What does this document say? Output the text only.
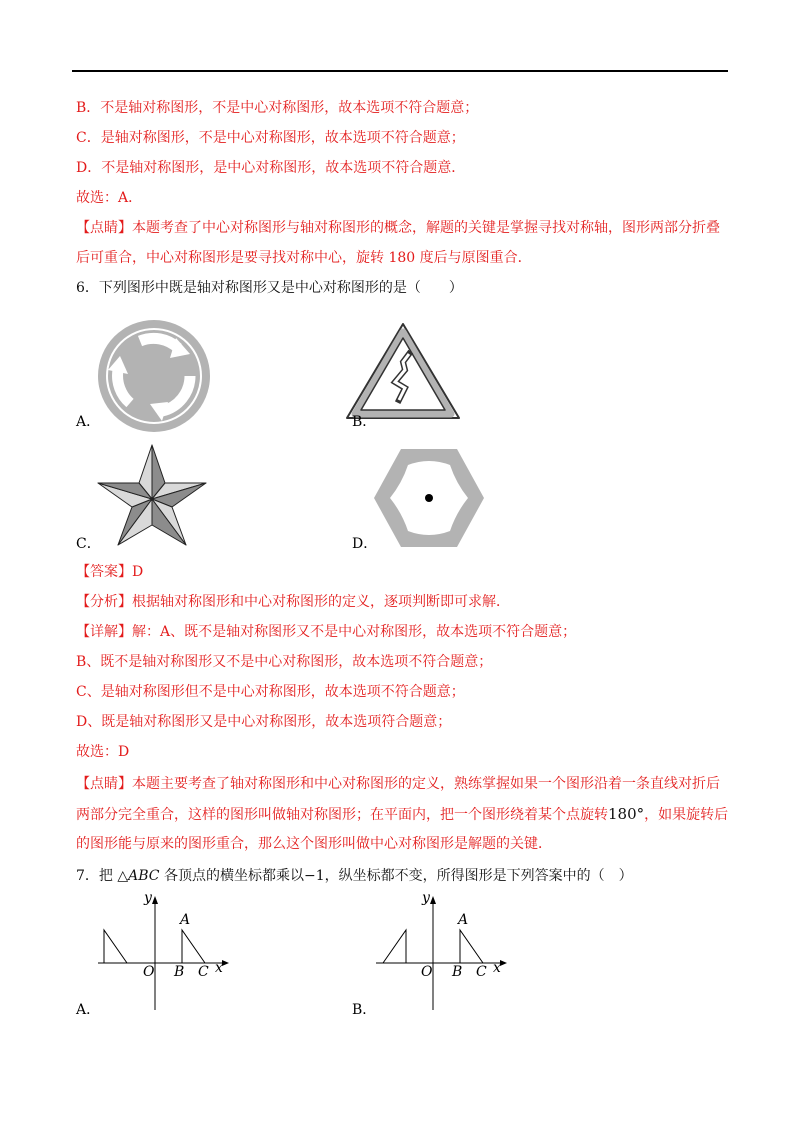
B．不是轴对称图形，不是中心对称图形，故本选项不符合题意；
C．是轴对称图形，不是中心对称图形，故本选项不符合题意；
D．不是轴对称图形，是中心对称图形，故本选项不符合题意．
故选：A．
【点睛】本题考查了中心对称图形与轴对称图形的概念，解题的关键是掌握寻找对称轴，图形两部分折叠
后可重合，中心对称图形是要寻找对称中心，旋转 180 度后与原图重合．
6．下列图形中既是轴对称图形又是中心对称图形的是（　　）
A．	B．
C．	D．
【答案】D
【分析】根据轴对称图形和中心对称图形的定义，逐项判断即可求解．
【详解】解：A、既不是轴对称图形又不是中心对称图形，故本选项不符合题意；
B、既不是轴对称图形又不是中心对称图形，故本选项不符合题意；
C、是轴对称图形但不是中心对称图形，故本选项不符合题意；
D、既是轴对称图形又是中心对称图形，故本选项符合题意；
故选：D
【点睛】本题主要考查了轴对称图形和中心对称图形的定义，熟练掌握如果一个图形沿着一条直线对折后
两部分完全重合，这样的图形叫做轴对称图形；在平面内，把一个图形绕着某个点旋转180°，如果旋转后
的图形能与原来的图形重合，那么这个图形叫做中心对称图形是解题的关键．
7．把 △ABC 各顶点的横坐标都乘以−1，纵坐标都不变，所得图形是下列答案中的（　）
y
A
O B C x
A．
y
A
O B C x
B．
